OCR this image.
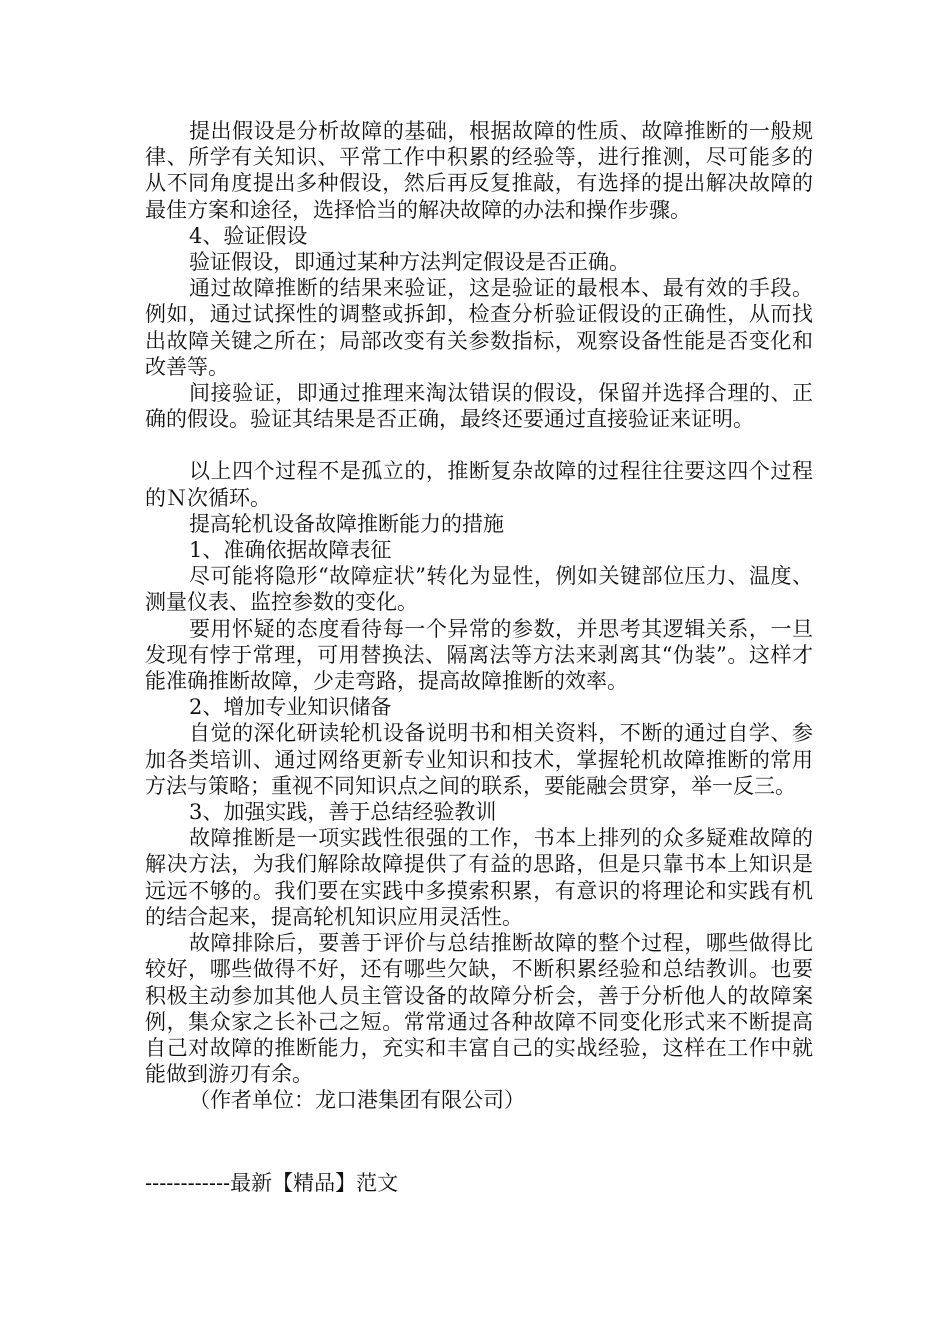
提出假设是分析故障的基础，根据故障的性质、故障推断的一般规律、所学有关知识、平常工作中积累的经验等，进行推测，尽可能多的从不同角度提出多种假设，然后再反复推敲，有选择的提出解决故障的最佳方案和途径，选择恰当的解决故障的办法和操作步骤。

4、验证假设

验证假设，即通过某种方法判定假设是否正确。

通过故障推断的结果来验证，这是验证的最根本、最有效的手段。例如，通过试探性的调整或拆卸，检查分析验证假设的正确性，从而找出故障关键之所在；局部改变有关参数指标，观察设备性能是否变化和改善等。

间接验证，即通过推理来淘汰错误的假设，保留并选择合理的、正确的假设。验证其结果是否正确，最终还要通过直接验证来证明。

以上四个过程不是孤立的，推断复杂故障的过程往往要这四个过程的Ｎ次循环。

提高轮机设备故障推断能力的措施

1、准确依据故障表征

尽可能将隐形“故障症状”转化为显性，例如关键部位压力、温度、测量仪表、监控参数的变化。

要用怀疑的态度看待每一个异常的参数，并思考其逻辑关系，一旦发现有悖于常理，可用替换法、隔离法等方法来剥离其“伪装”。这样才能准确推断故障，少走弯路，提高故障推断的效率。

2、增加专业知识储备

自觉的深化研读轮机设备说明书和相关资料，不断的通过自学、参加各类培训、通过网络更新专业知识和技术，掌握轮机故障推断的常用方法与策略；重视不同知识点之间的联系，要能融会贯穿，举一反三。

3、加强实践，善于总结经验教训

故障推断是一项实践性很强的工作，书本上排列的众多疑难故障的解决方法，为我们解除故障提供了有益的思路，但是只靠书本上知识是远远不够的。我们要在实践中多摸索积累，有意识的将理论和实践有机的结合起来，提高轮机知识应用灵活性。

故障排除后，要善于评价与总结推断故障的整个过程，哪些做得比较好，哪些做得不好，还有哪些欠缺，不断积累经验和总结教训。也要积极主动参加其他人员主管设备的故障分析会，善于分析他人的故障案例，集众家之长补己之短。常常通过各种故障不同变化形式来不断提高自己对故障的推断能力，充实和丰富自己的实战经验，这样在工作中就能做到游刃有余。

（作者单位：龙口港集团有限公司）

------------最新【精品】范文
